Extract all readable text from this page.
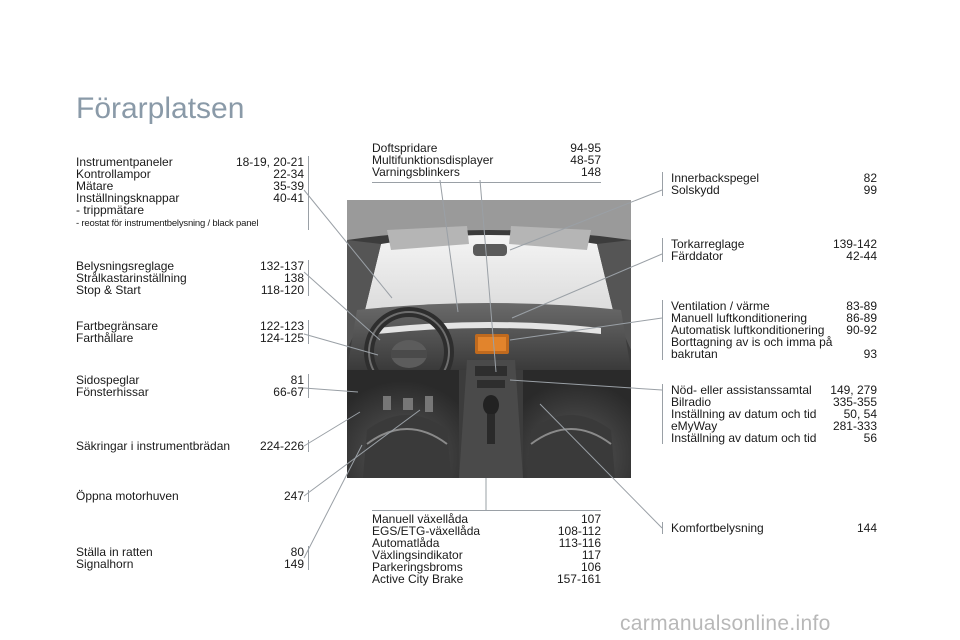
Förarplatsen
Instrumentpaneler	18-19, 20-21
Kontrollampor	22-34
Mätare	35-39
Inställningsknappar	40-41
- trippmätare
- reostat för instrumentbelysning / black panel
Belysningsreglage	132-137
Strålkastarinställning	138
Stop & Start	118-120
Fartbegränsare	122-123
Farthållare	124-125
Sidospeglar	81
Fönsterhissar	66-67
Säkringar i instrumentbrädan	224-226
Öppna motorhuven	247
Ställa in ratten	80
Signalhorn	149
Doftspridare	94-95
Multifunktionsdisplayer	48-57
Varningsblinkers	148
Manuell växellåda	107
EGS/ETG-växellåda	108-112
Automatlåda	113-116
Växlingsindikator	117
Parkeringsbroms	106
Active City Brake	157-161
Innerbackspegel	82
Solskydd	99
Torkarreglage	139-142
Färddator	42-44
Ventilation / värme	83-89
Manuell luftkonditionering	86-89
Automatisk luftkonditionering	90-92
Borttagning av is och imma på
bakrutan	93
Nöd- eller assistanssamtal	149, 279
Bilradio	335-355
Inställning av datum och tid	50, 54
eMyWay	281-333
Inställning av datum och tid	56
Komfortbelysning	144
carmanualsonline.info
